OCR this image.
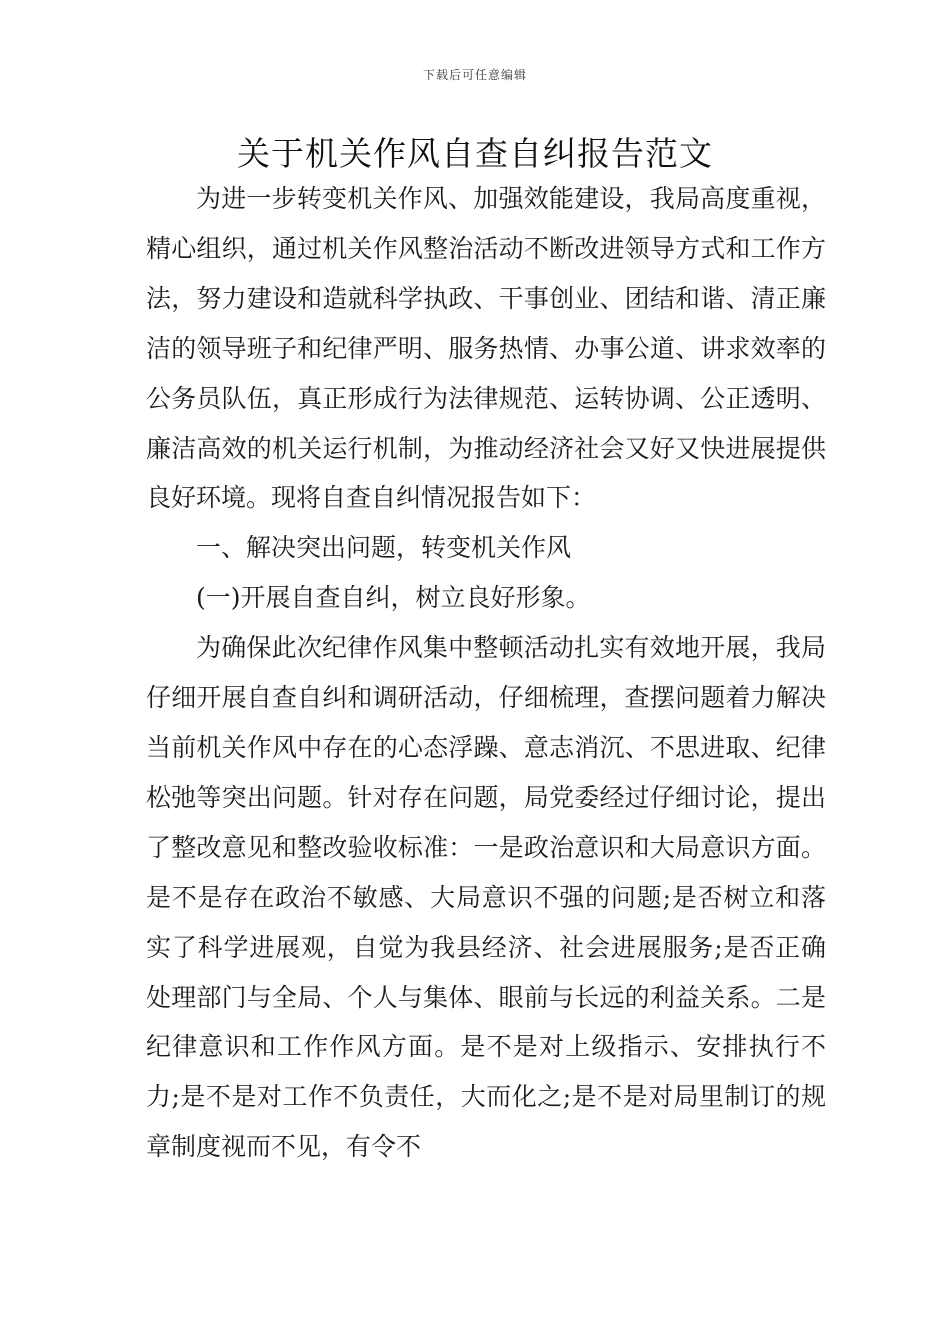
下载后可任意编辑
关于机关作风自查自纠报告范文

为进一步转变机关作风、加强效能建设，我局高度重视，精心组织，通过机关作风整治活动不断改进领导方式和工作方法，努力建设和造就科学执政、干事创业、团结和谐、清正廉洁的领导班子和纪律严明、服务热情、办事公道、讲求效率的公务员队伍，真正形成行为法律规范、运转协调、公正透明、廉洁高效的机关运行机制，为推动经济社会又好又快进展提供良好环境。现将自查自纠情况报告如下：

一、解决突出问题，转变机关作风

(一)开展自查自纠，树立良好形象。

为确保此次纪律作风集中整顿活动扎实有效地开展，我局仔细开展自查自纠和调研活动，仔细梳理，查摆问题着力解决当前机关作风中存在的心态浮躁、意志消沉、不思进取、纪律松弛等突出问题。针对存在问题，局党委经过仔细讨论，提出了整改意见和整改验收标准：一是政治意识和大局意识方面。是不是存在政治不敏感、大局意识不强的问题;是否树立和落实了科学进展观，自觉为我县经济、社会进展服务;是否正确处理部门与全局、个人与集体、眼前与长远的利益关系。二是纪律意识和工作作风方面。是不是对上级指示、安排执行不力;是不是对工作不负责任，大而化之;是不是对局里制订的规章制度视而不见，有令不
